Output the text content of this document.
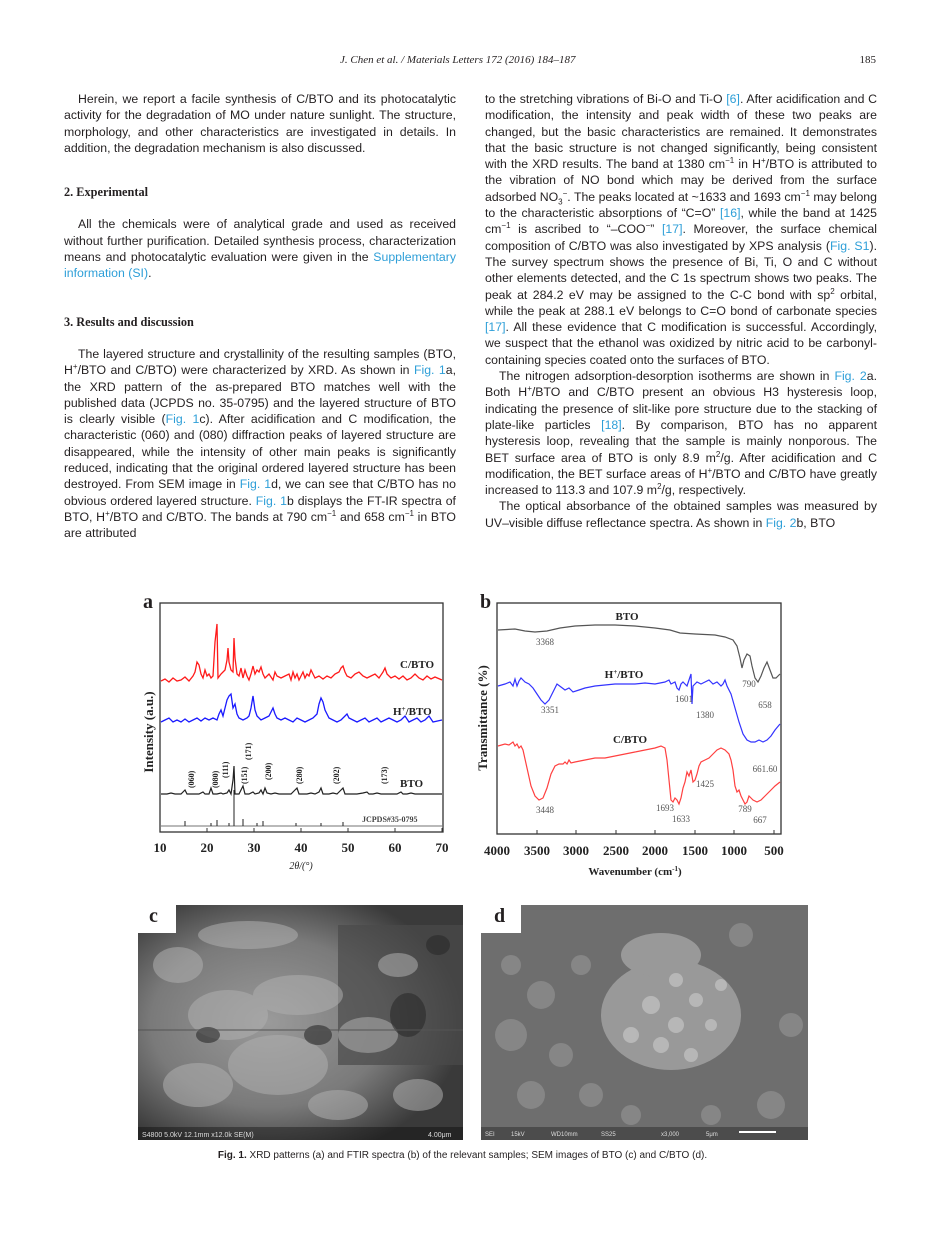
J. Chen et al. / Materials Letters 172 (2016) 184–187	185

Herein, we report a facile synthesis of C/BTO and its photocatalytic activity for the degradation of MO under nature sunlight. The structure, morphology, and other characteristics are investigated in details. In addition, the degradation mechanism is also discussed.

2. Experimental

All the chemicals were of analytical grade and used as received without further purification. Detailed synthesis process, characterization means and photocatalytic evaluation were given in the Supplementary information (SI).

3. Results and discussion

The layered structure and crystallinity of the resulting samples (BTO, H+/BTO and C/BTO) were characterized by XRD. As shown in Fig. 1a, the XRD pattern of the as-prepared BTO matches well with the published data (JCPDS no. 35-0795) and the layered structure of BTO is clearly visible (Fig. 1c). After acidification and C modification, the characteristic (060) and (080) diffraction peaks of layered structure are disappeared, while the intensity of other main peaks is significantly reduced, indicating that the original ordered layered structure has been destroyed. From SEM image in Fig. 1d, we can see that C/BTO has no obvious ordered layered structure. Fig. 1b displays the FT-IR spectra of BTO, H+/BTO and C/BTO. The bands at 790 $cm^{-1}$ and 658 $cm^{-1}$ in BTO are attributed

to the stretching vibrations of Bi-O and Ti-O [6]. After acidification and C modification, the intensity and peak width of these two peaks are changed, but the basic characteristics are remained. It demonstrates that the basic structure is not changed significantly, being consistent with the XRD results. The band at 1380 $cm^{-1}$ in H+/BTO is attributed to the vibration of NO bond which may be derived from the surface adsorbed $NO_3^-$. The peaks located at ~1633 and 1693 $cm^{-1}$ may belong to the characteristic absorptions of “C=O” [16], while the band at 1425 $cm^{-1}$ is ascribed to “–COO−” [17]. Moreover, the surface chemical composition of C/BTO was also investigated by XPS analysis (Fig. S1). The survey spectrum shows the presence of Bi, Ti, O and C without other elements detected, and the C 1s spectrum shows two peaks. The peak at 284.2 eV may be assigned to the C-C bond with $sp^2$ orbital, while the peak at 288.1 eV belongs to C=O bond of carbonate species [17]. All these evidence that C modification is successful. Accordingly, we suspect that the ethanol was oxidized by nitric acid to be carbonyl-containing species coated onto the surfaces of BTO.

The nitrogen adsorption-desorption isotherms are shown in Fig. 2a. Both H+/BTO and C/BTO present an obvious H3 hysteresis loop, indicating the presence of slit-like pore structure due to the stacking of plate-like particles [18]. By comparison, BTO has no apparent hysteresis loop, revealing that the sample is mainly nonporous. The BET surface area of BTO is only 8.9 $m^2/g$. After acidification and C modification, the BET surface areas of H+/BTO and C/BTO have greatly increased to 113.3 and 107.9 $m^2/g$, respectively.

The optical absorbance of the obtained samples was measured by UV–visible diffuse reflectance spectra. As shown in Fig. 2b, BTO

a
C/BTO
H+/BTO
BTO
JCPDS#35-0795
(060) (080)
(111) (151)
(171)
(200)	(280)	(202)	(173)
Intensity (a.u.)
10	20	30	40	50	60	70
2θ/(°)
b
BTO
3368
790
658
H+/BTO
3351
1601
1380
661.60
C/BTO
3448	1693
1633
1425
789
667
Transmittance (%)
4000 3500 3000 2500 2000 1500 1000 500
Wavenumber $(cm^{-1})$
S4800 5.0kV 12.1mm x12.0k SE(M)	4.00μm
c
SEI	15kV	WD10mm	SS25	x3,000	5μm
d
Fig. 1. XRD patterns (a) and FTIR spectra (b) of the relevant samples; SEM images of BTO (c) and C/BTO (d).
